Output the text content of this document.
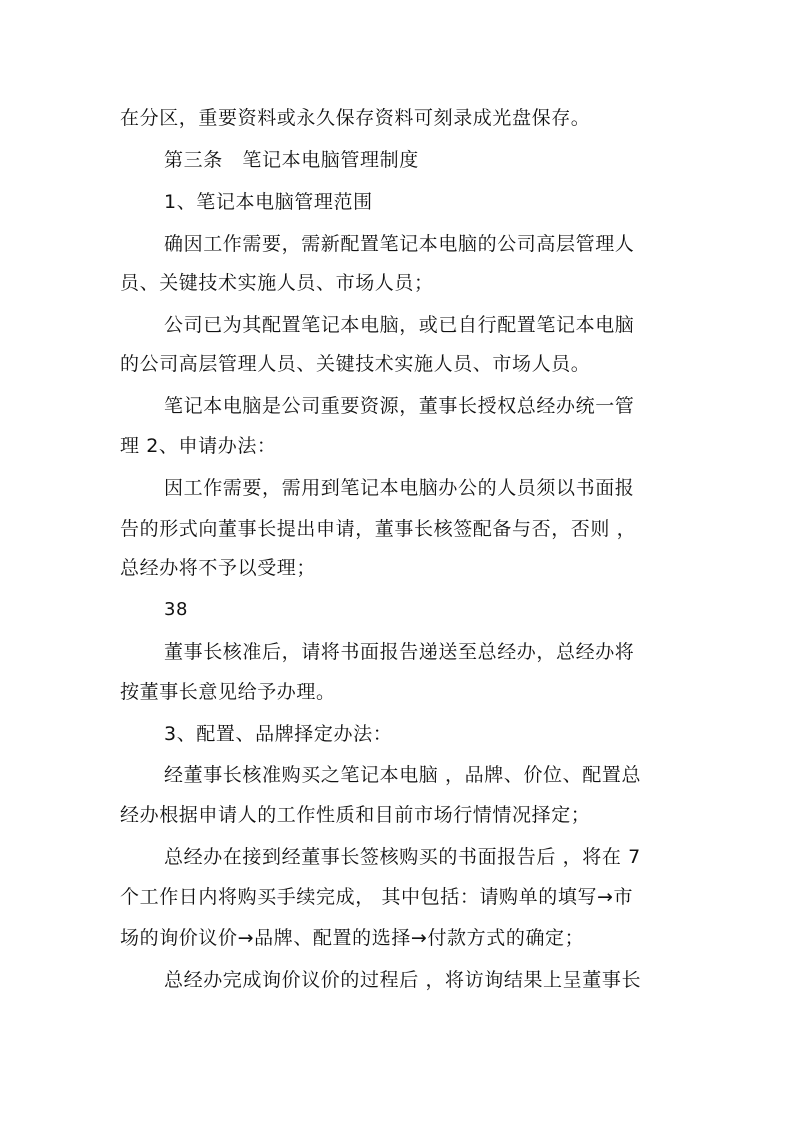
在分区，重要资料或永久保存资料可刻录成光盘保存。

第三条　笔记本电脑管理制度

1、笔记本电脑管理范围

确因工作需要，需新配置笔记本电脑的公司高层管理人

员、关键技术实施人员、市场人员；

公司已为其配置笔记本电脑，或已自行配置笔记本电脑

的公司高层管理人员、关键技术实施人员、市场人员。

笔记本电脑是公司重要资源，董事长授权总经办统一管

理 2、申请办法：

因工作需要，需用到笔记本电脑办公的人员须以书面报

告的形式向董事长提出申请，董事长核签配备与否，否则 ，

总经办将不予以受理；

38

董事长核准后，请将书面报告递送至总经办，总经办将

按董事长意见给予办理。

3、配置、品牌择定办法：

经董事长核准购买之笔记本电脑 ，品牌、价位、配置总

经办根据申请人的工作性质和目前市场行情情况择定；

总经办在接到经董事长签核购买的书面报告后 ，将在 7

个工作日内将购买手续完成， 其中包括：请购单的填写→市

场的询价议价→品牌、配置的选择→付款方式的确定；

总经办完成询价议价的过程后 ，将访询结果上呈董事长
